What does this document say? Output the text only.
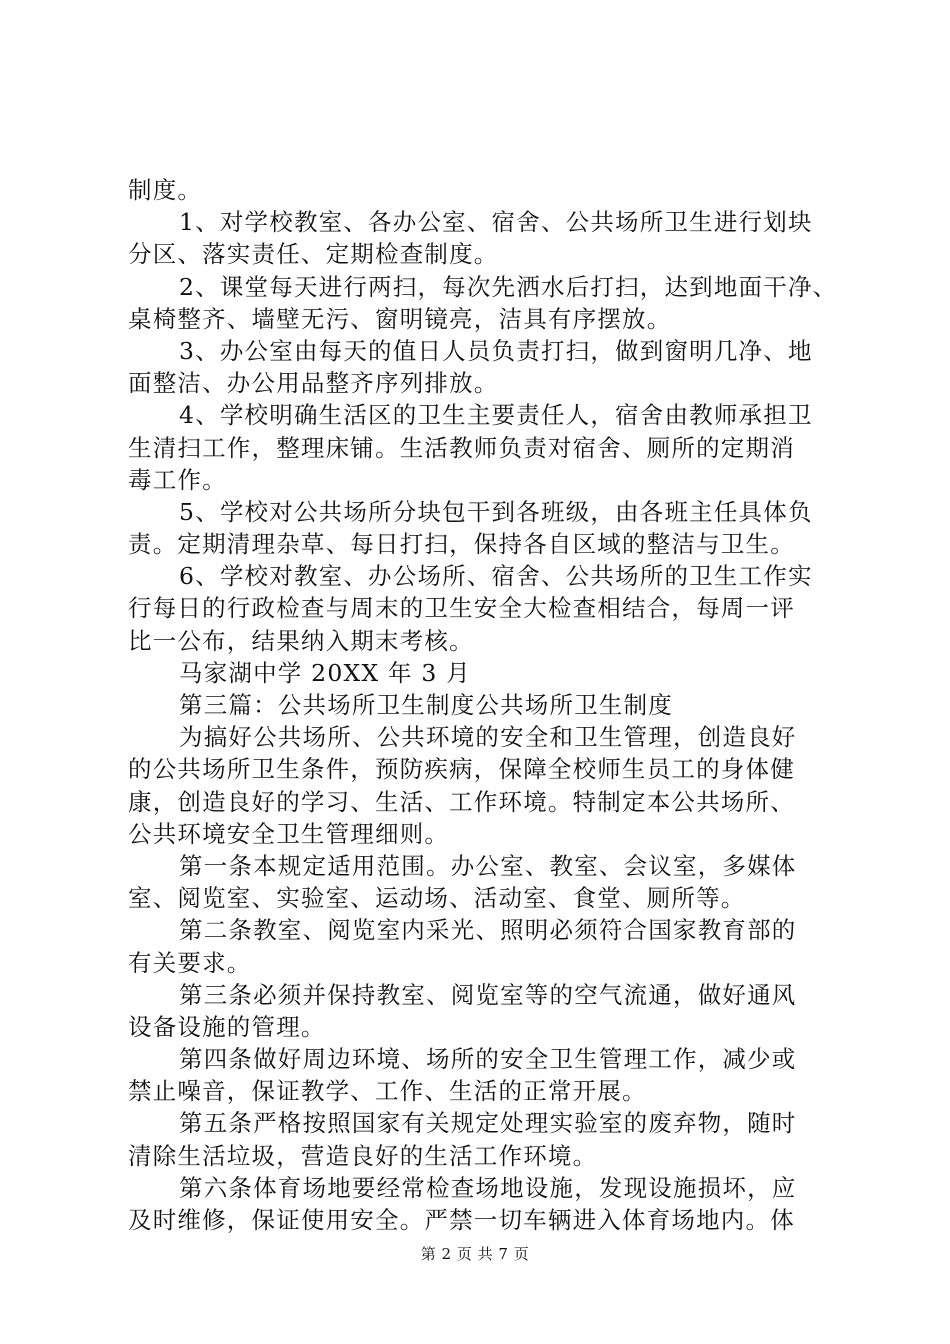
制度。
1、对学校教室、各办公室、宿舍、公共场所卫生进行划块
分区、落实责任、定期检查制度。
2、课堂每天进行两扫，每次先洒水后打扫，达到地面干净、
桌椅整齐、墙壁无污、窗明镜亮，洁具有序摆放。
3、办公室由每天的值日人员负责打扫，做到窗明几净、地
面整洁、办公用品整齐序列排放。
4、学校明确生活区的卫生主要责任人，宿舍由教师承担卫
生清扫工作，整理床铺。生活教师负责对宿舍、厕所的定期消
毒工作。
5、学校对公共场所分块包干到各班级，由各班主任具体负
责。定期清理杂草、每日打扫，保持各自区域的整洁与卫生。
6、学校对教室、办公场所、宿舍、公共场所的卫生工作实
行每日的行政检查与周末的卫生安全大检查相结合，每周一评
比一公布，结果纳入期末考核。
马家湖中学 20XX 年 3 月
第三篇：公共场所卫生制度公共场所卫生制度
为搞好公共场所、公共环境的安全和卫生管理，创造良好
的公共场所卫生条件，预防疾病，保障全校师生员工的身体健
康，创造良好的学习、生活、工作环境。特制定本公共场所、
公共环境安全卫生管理细则。
第一条本规定适用范围。办公室、教室、会议室，多媒体
室、阅览室、实验室、运动场、活动室、食堂、厕所等。
第二条教室、阅览室内采光、照明必须符合国家教育部的
有关要求。
第三条必须并保持教室、阅览室等的空气流通，做好通风
设备设施的管理。
第四条做好周边环境、场所的安全卫生管理工作，减少或
禁止噪音，保证教学、工作、生活的正常开展。
第五条严格按照国家有关规定处理实验室的废弃物，随时
清除生活垃圾，营造良好的生活工作环境。
第六条体育场地要经常检查场地设施，发现设施损坏，应
及时维修，保证使用安全。严禁一切车辆进入体育场地内。体
第 2 页 共 7 页
